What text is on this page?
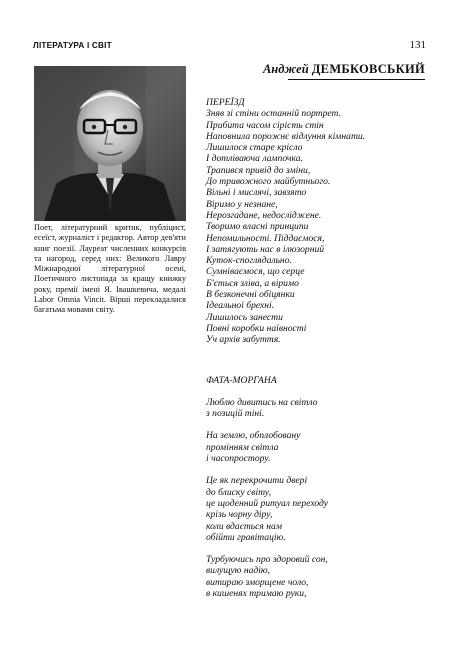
ЛІТЕРАТУРА І СВІТ	131
Анджей ДЕМБКОВСЬКИЙ

Поет, літературний критик, публіцист, есеїст, журналіст і редактор. Автор дев'яти книг поезії. Лауреат численних конкурсів та нагород, серед них: Великого Лавру Міжнародної літературної осені, Поетичного листопада за кращу книжку року, премії імені Я. Івашкевича, медалі Labor Omnia Vincit. Вірші перекладалися багатьма мовами світу.

ПЕРЕЇЗД
Зняв зі стіни останній портрет.
Прибита часом сірість стін
Наповнила порожнє відлуння кімнати.
Лишилося старе крісло
І дотліваюча лампочка.
Трапився привід до зміни,
До тривожного майбутнього.
Вільні і мислячі, завзято
Віримо у незнане,
Нерозгадане, недосліджене.
Творимо власні принципи
Непомильності. Піддаємося,
І затягують нас в ілюзорний
Куток-споглядально.
Сумніваємося, що серце
Б'ється зліва, а віримо
В безконечні обіцянки
Ідеальної брехні.
Лишилось занести
Повні коробки наївності
Уч архів забуття.
ФАТА-МОРГАНА
Люблю дивитись на світло
з позицій тіні.
На землю, обплобовану
промінням світла
і часопростору.
Це як перекрочити двері
до блиску світу,
це щоденний ритуал переходу
крізь чорну діру,
коли вдається нам
обійти гравітацію.
Турбуючись про здоровий сон,
вилущую надію,
витираю зморщене чоло,
в кишенях тримаю руки,
